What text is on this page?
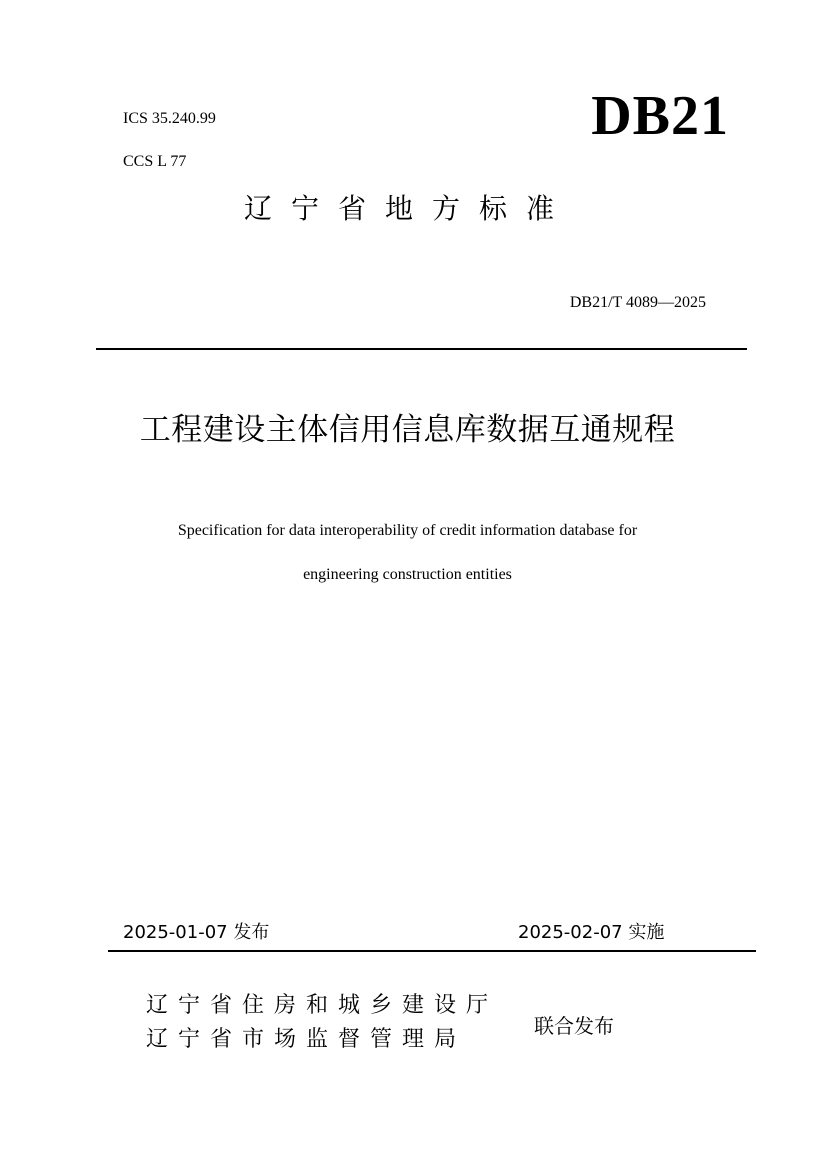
ICS 35.240.99
CCS L 77
DB21
辽宁省地方标准
DB21/T 4089—2025
工程建设主体信用信息库数据互通规程
Specification for data interoperability of credit information database for
engineering construction entities
2025-01-07 发布	2025-02-07 实施
辽宁省住房和城乡建设厅
辽宁省市场监督管理局
联合发布
